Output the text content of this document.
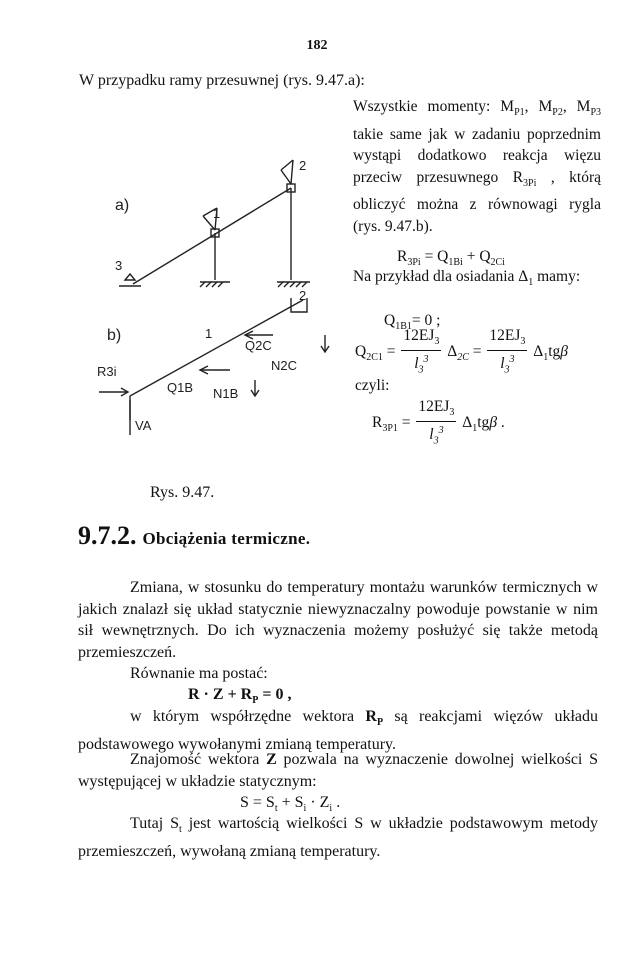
182
W przypadku ramy przesuwnej (rys. 9.47.a):
Wszystkie momenty: $M_{P1}$, $M_{P2}$, $M_{P3}$ takie same jak w zadaniu poprzednim wystąpi dodatkowo reakcja więzu przeciw przesuwnego $R_{3Pi}$ , którą obliczyć można z równowagi rygla (rys. 9.47.b).
$R_{3Pi} = Q_{1Bi} + Q_{2Ci}$
Na przykład dla osiadania $\Delta_1$ mamy:
$Q_{1B1}= 0$ ;
$Q_{2C1} = \frac{12EJ_3}{l_3^3} \Delta_{2C} = \frac{12EJ_3}{l_3^3} \Delta_1tg\beta$
czyli:
$R_{3P1} = \frac{12EJ_3}{l_3^3} \Delta_1tg\beta$ .
a)	1
2
3
b)	1
2
Q2C
N2C
Q1B N1B
R3i
VA
Rys. 9.47.
9.7.2. Obciążenia termiczne.
Zmiana, w stosunku do temperatury montażu warunków termicznych w jakich znalazł się układ statycznie niewyznaczalny powoduje powstanie w nim sił wewnętrznych. Do ich wyznaczenia możemy posłużyć się także metodą przemieszczeń.
Równanie ma postać:
$R \cdot Z + R_P = 0$ ,
w którym współrzędne wektora $R_P$ są reakcjami więzów układu podstawowego wywołanymi zmianą temperatury.
Znajomość wektora Z pozwala na wyznaczenie dowolnej wielkości S występującej w układzie statycznym:
$S = S_t + S_i \cdot Z_i$ .
Tutaj $S_t$ jest wartością wielkości S w układzie podstawowym metody przemieszczeń, wywołaną zmianą temperatury.
